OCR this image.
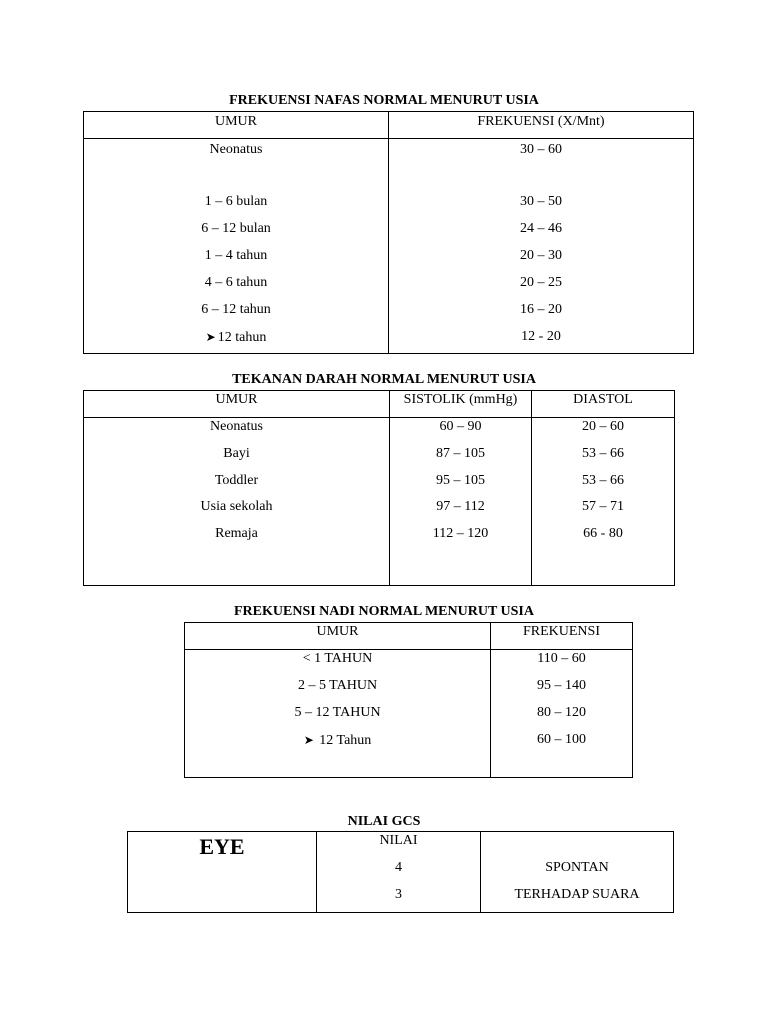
FREKUENSI NAFAS NORMAL MENURUT USIA
UMUR
Neonatus
1 – 6 bulan
6 – 12 bulan
1 – 4 tahun
4 – 6 tahun
6 – 12 tahun
➤ 12 tahun
FREKUENSI (X/Mnt)
30 – 60
30 – 50
24 – 46
20 – 30
20 – 25
16 – 20
12 - 20
TEKANAN DARAH NORMAL MENURUT USIA
UMUR
Neonatus
Bayi
Toddler
Usia sekolah
Remaja
SISTOLIK (mmHg)
60 – 90
87 – 105
95 – 105
97 – 112
112 – 120
DIASTOL
20 – 60
53 – 66
53 – 66
57 – 71
66 - 80
FREKUENSI NADI NORMAL MENURUT USIA
UMUR
< 1 TAHUN
2 – 5 TAHUN
5 – 12 TAHUN
➤ 12 Tahun
FREKUENSI
110 – 60
95 – 140
80 – 120
60 – 100
NILAI GCS
EYE	NILAI
4
3
SPONTAN
TERHADAP SUARA
